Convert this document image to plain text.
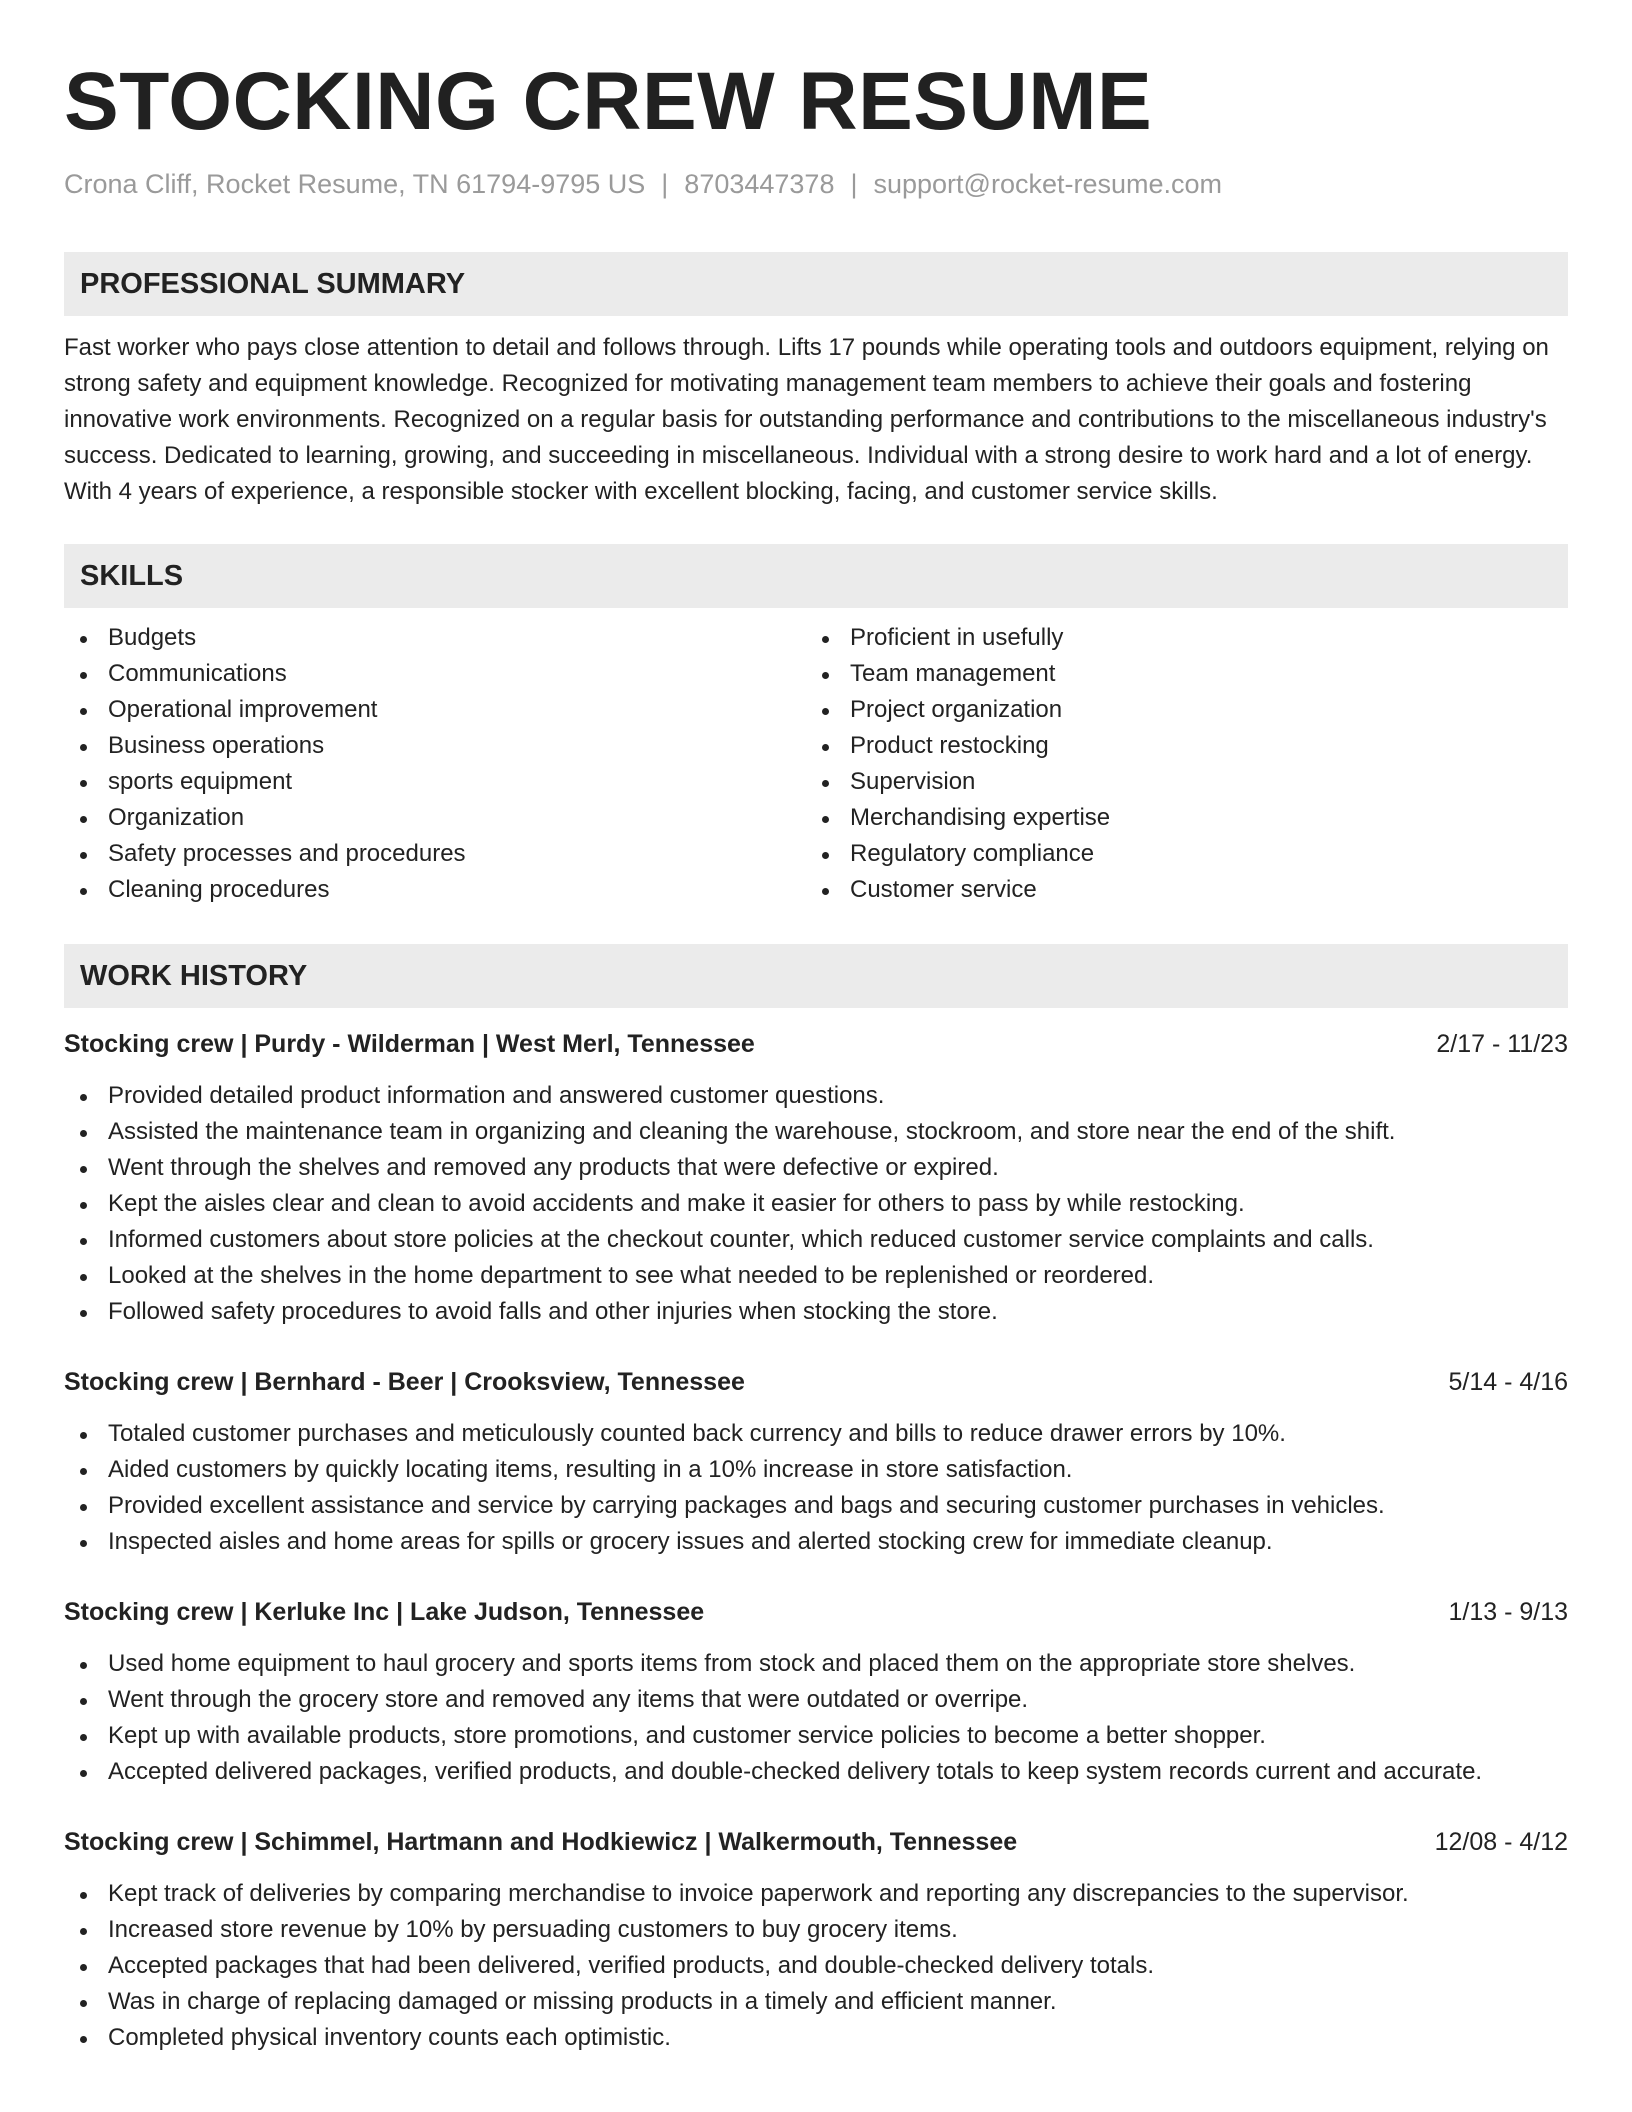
STOCKING CREW RESUME
Crona Cliff, Rocket Resume, TN 61794-9795 US | 8703447378 | support@rocket-resume.com
PROFESSIONAL SUMMARY

Fast worker who pays close attention to detail and follows through. Lifts 17 pounds while operating tools and outdoors equipment, relying on strong safety and equipment knowledge. Recognized for motivating management team members to achieve their goals and fostering innovative work environments. Recognized on a regular basis for outstanding performance and contributions to the miscellaneous industry's success. Dedicated to learning, growing, and succeeding in miscellaneous. Individual with a strong desire to work hard and a lot of energy. With 4 years of experience, a responsible stocker with excellent blocking, facing, and customer service skills.

SKILLS
Budgets
Communications
Operational improvement
Business operations
sports equipment
Organization
Safety processes and procedures
Cleaning procedures
Proficient in usefully
Team management
Project organization
Product restocking
Supervision
Merchandising expertise
Regulatory compliance
Customer service
WORK HISTORY
Stocking crew | Purdy - Wilderman | West Merl, Tennessee	2/17 - 11/23
Provided detailed product information and answered customer questions.
Assisted the maintenance team in organizing and cleaning the warehouse, stockroom, and store near the end of the shift.
Went through the shelves and removed any products that were defective or expired.
Kept the aisles clear and clean to avoid accidents and make it easier for others to pass by while restocking.
Informed customers about store policies at the checkout counter, which reduced customer service complaints and calls.
Looked at the shelves in the home department to see what needed to be replenished or reordered.
Followed safety procedures to avoid falls and other injuries when stocking the store.
Stocking crew | Bernhard - Beer | Crooksview, Tennessee	5/14 - 4/16
Totaled customer purchases and meticulously counted back currency and bills to reduce drawer errors by 10%.
Aided customers by quickly locating items, resulting in a 10% increase in store satisfaction.
Provided excellent assistance and service by carrying packages and bags and securing customer purchases in vehicles.
Inspected aisles and home areas for spills or grocery issues and alerted stocking crew for immediate cleanup.
Stocking crew | Kerluke Inc | Lake Judson, Tennessee	1/13 - 9/13
Used home equipment to haul grocery and sports items from stock and placed them on the appropriate store shelves.
Went through the grocery store and removed any items that were outdated or overripe.
Kept up with available products, store promotions, and customer service policies to become a better shopper.
Accepted delivered packages, verified products, and double-checked delivery totals to keep system records current and accurate.
Stocking crew | Schimmel, Hartmann and Hodkiewicz | Walkermouth, Tennessee	12/08 - 4/12
Kept track of deliveries by comparing merchandise to invoice paperwork and reporting any discrepancies to the supervisor.
Increased store revenue by 10% by persuading customers to buy grocery items.
Accepted packages that had been delivered, verified products, and double-checked delivery totals.
Was in charge of replacing damaged or missing products in a timely and efficient manner.
Completed physical inventory counts each optimistic.
